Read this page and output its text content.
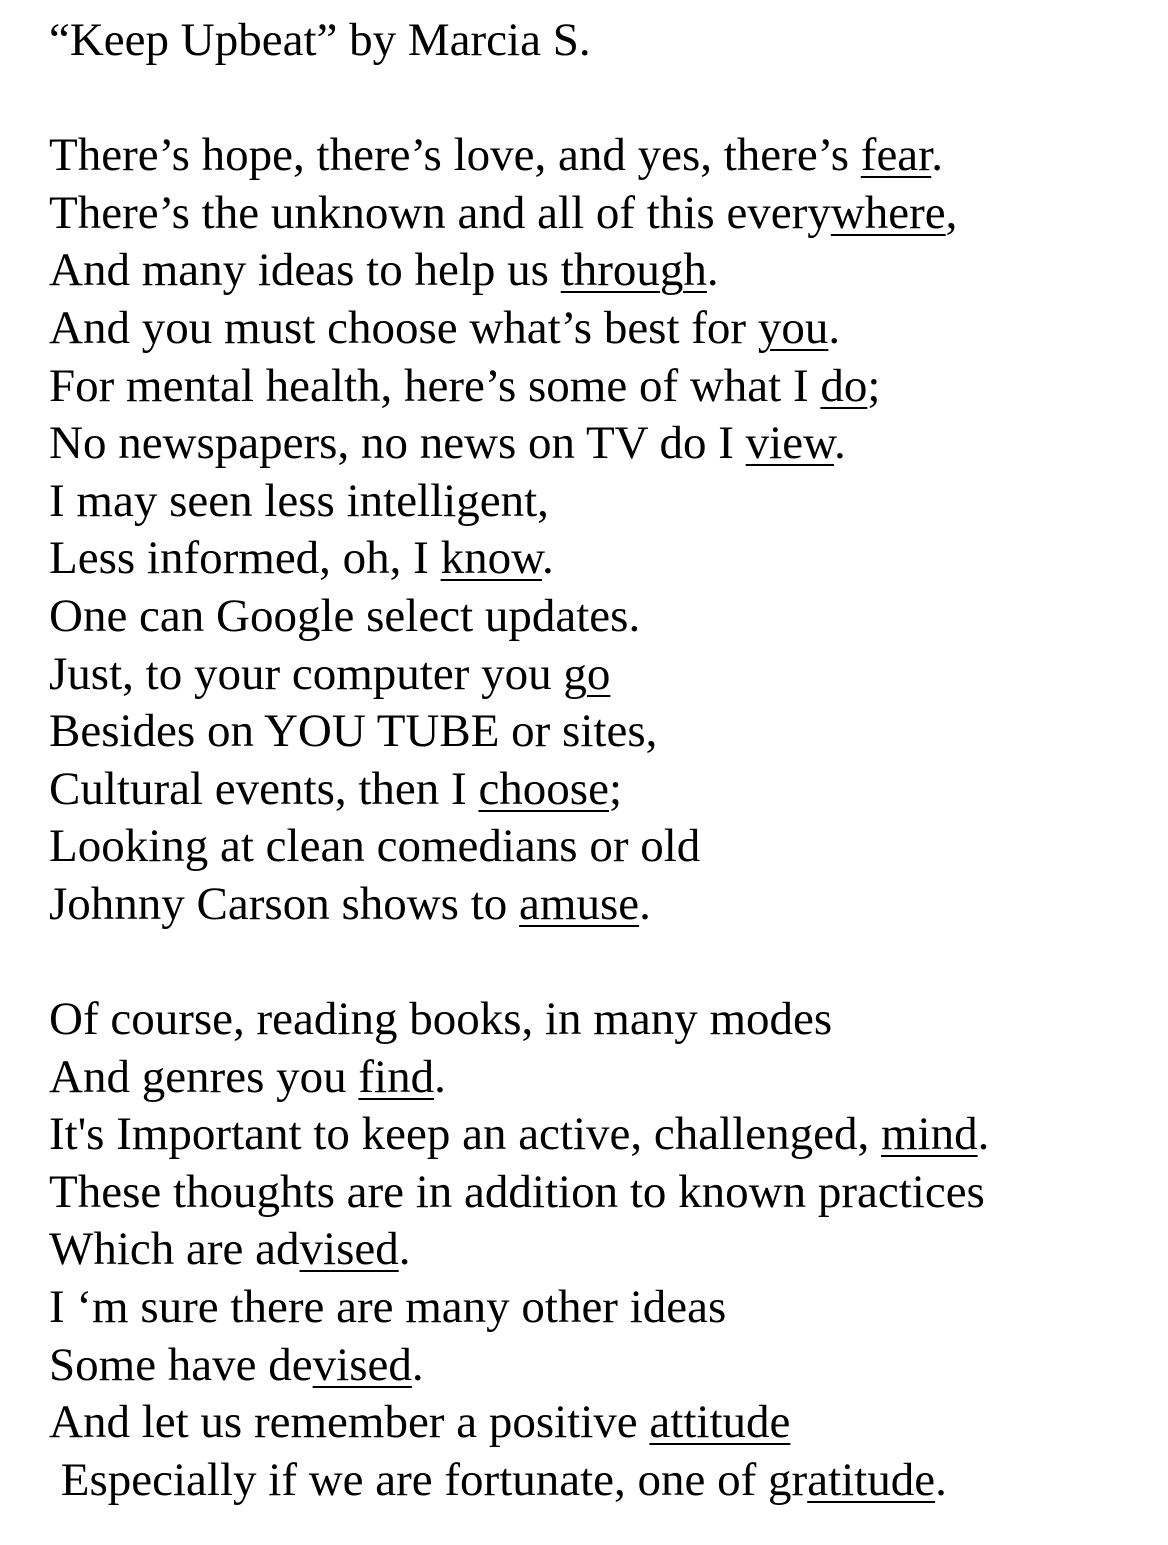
“Keep Upbeat” by Marcia S.
There’s hope, there’s love, and yes, there’s fear.
There’s the unknown and all of this everywhere,
And many ideas to help us through.
And you must choose what’s best for you.
For mental health, here’s some of what I do;
No newspapers, no news on TV do I view.
I may seen less intelligent,
Less informed, oh, I know.
One can Google select updates.
Just, to your computer you go
Besides on YOU TUBE or sites,
Cultural events, then I choose;
Looking at clean comedians or old
Johnny Carson shows to amuse.
Of course, reading books, in many modes
And genres you find.
It's Important to keep an active, challenged, mind.
These thoughts are in addition to known practices
Which are advised.
I ‘m sure there are many other ideas
Some have devised.
And let us remember a positive attitude
Especially if we are fortunate, one of gratitude.
